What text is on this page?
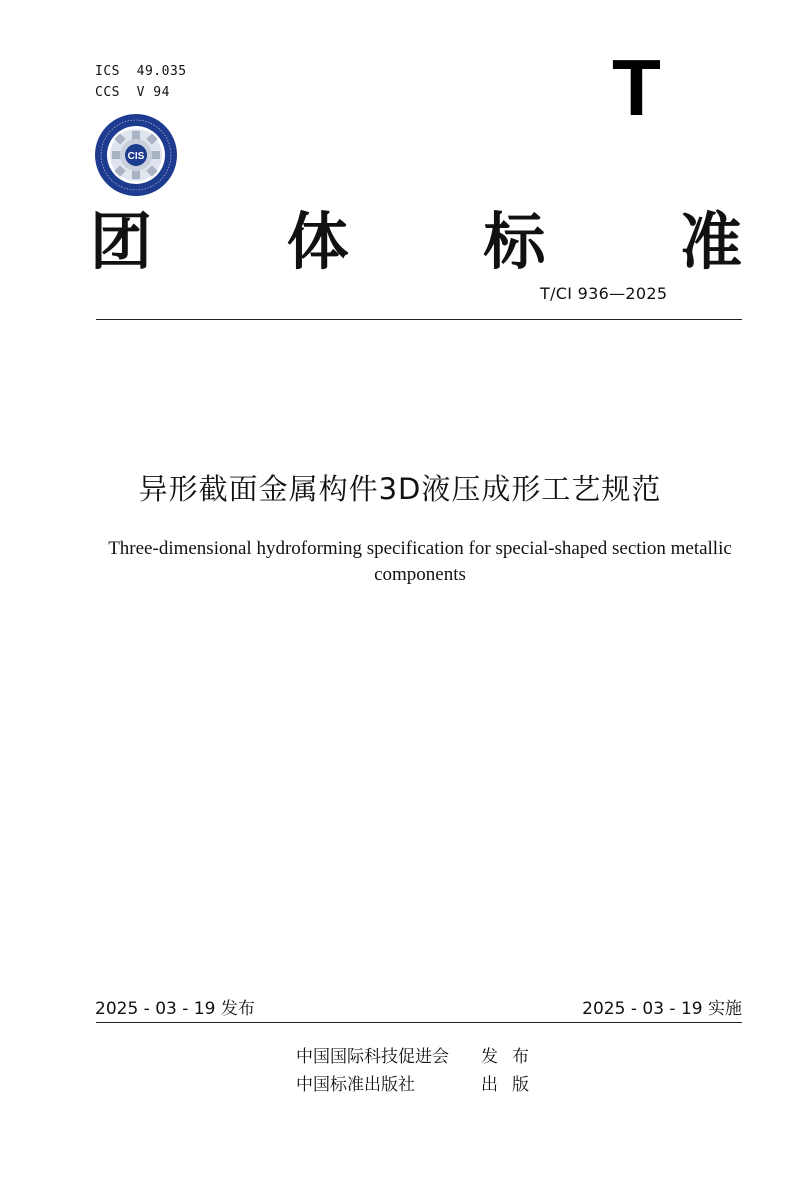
ICS  49.035
CCS  V 94
CIS
T
团 体 标 准
T/CI 936—2025
异形截面金属构件3D液压成形工艺规范
Three-dimensional hydroforming specification for special-shaped section metallic components
2025 - 03 - 19 发布	2025 - 03 - 19 实施
中国国际科技促进会	发布
中国标准出版社	出版
